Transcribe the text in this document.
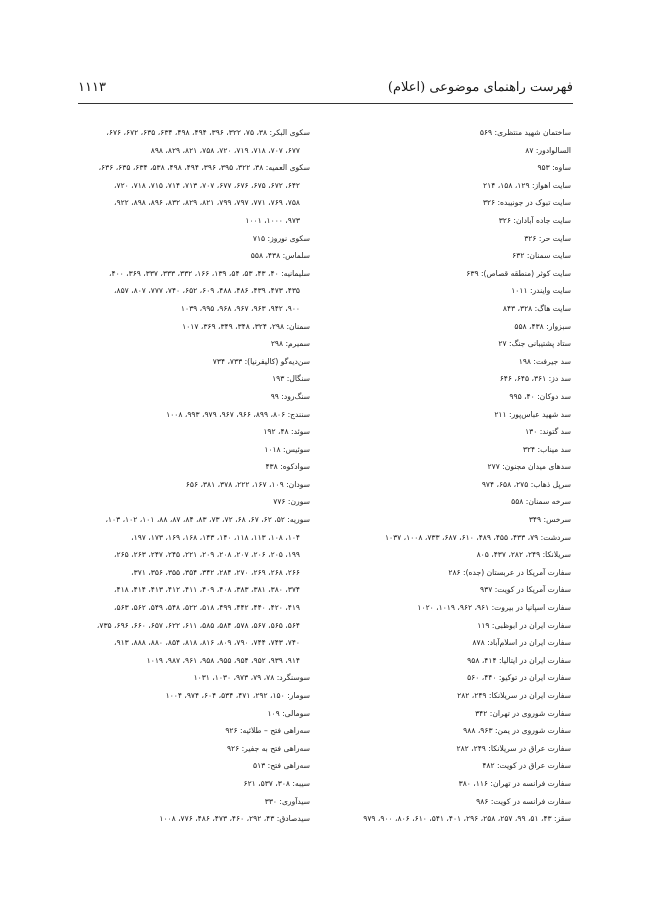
فهرست راهنمای موضوعی (اعلام)
۱۱۱۳
ساختمان شهید منتظری: ۵۶۹
السالوادور: ۸۷
ساوه: ۹۵۳
سایت اهواز: ۱۲۹، ۱۵۸، ۲۱۴
سایت تبوک در جونیبده: ۳۲۶
سایت جاده آبادان: ۳۲۶
سایت حر: ۳۲۶
سایت سمنان: ۶۳۲
سایت کوثر (منطقه قصاص): ۶۳۹
سایت وایندر: ۱۰۱۱
سایت هاگ: ۳۲۸، ۸۴۳
سبزوار: ۴۳۸، ۵۵۸
ستاد پشتیبانی جنگ: ۲۷
سد جیرفت: ۱۹۸
سد دز: ۳۶۱، ۶۴۵، ۶۴۶
سد دوکان: ۴۰، ۹۹۵
سد شهید عباس‌پور: ۲۱۱
سد گتوند: ۱۳۰
سد میناب: ۳۲۴
سدهای میدان مجنون: ۲۷۷
سرپل ذهاب: ۲۷۵، ۶۵۸، ۹۷۴
سرخه سمنان: ۵۵۸
سرخس: ۳۴۹
سردشت: ۷۹، ۴۳۳، ۴۵۵، ۴۸۹، ۶۱۰، ۶۸۷، ۷۳۳، ۱۰۰۸، ۱۰۳۷
سریلانکا: ۲۴۹، ۲۸۲، ۴۳۷، ۸۰۵
سفارت آمریکا در عربستان (جده): ۲۸۶
سفارت آمریکا در کویت: ۹۳۷
سفارت اسپانیا در بیروت: ۹۶۱، ۹۶۲، ۱۰۱۹، ۱۰۲۰
سفارت ایران در ابوظبی: ۱۱۹
سفارت ایران در اسلام‌آباد: ۸۷۸
سفارت ایران در ایتالیا: ۴۱۴، ۹۵۸
سفارت ایران در توکیو: ۴۴۰، ۵۶۰
سفارت ایران در سریلانکا: ۲۴۹، ۲۸۲
سفارت شوروی در تهران: ۳۴۲
سفارت شوروی در یمن: ۹۶۳، ۹۸۸
سفارت عراق در سریلانکا: ۲۴۹، ۲۸۲
سفارت عراق در کویت: ۴۸۲
سفارت فرانسه در تهران: ۱۱۶، ۳۸۰
سفارت فرانسه در کویت: ۹۸۶
سقز: ۴۳، ۵۱، ۹۹، ۲۵۷، ۲۵۸، ۲۹۶، ۴۰۱، ۵۴۱، ۶۱۰، ۸۰۶، ۹۰۰، ۹۷۹
سکوی البکر: ۳۸، ۷۵، ۳۲۲، ۳۹۶، ۴۹۴، ۴۹۸، ۶۳۴، ۶۳۵، ۶۷۲، ۶۷۶،
۶۷۷، ۷۰۷، ۷۱۸، ۷۱۹، ۷۲۰، ۷۵۸، ۸۲۱، ۸۲۹، ۸۹۸
سکوی العمیه: ۳۸، ۳۲۲، ۳۹۵، ۳۹۶، ۴۹۴، ۴۹۸، ۵۳۸، ۶۳۴، ۶۳۵، ۶۳۶،
۶۴۲، ۶۷۲، ۶۷۵، ۶۷۶، ۶۷۷، ۷۰۷، ۷۱۳، ۷۱۴، ۷۱۵، ۷۱۸، ۷۲۰،
۷۵۸، ۷۶۹، ۷۷۱، ۷۹۷، ۷۹۹، ۸۲۱، ۸۲۹، ۸۳۲، ۸۹۶، ۸۹۸، ۹۲۲،
۹۷۳، ۱۰۰۰، ۱۰۰۱
سکوی نوروز: ۷۱۵
سلماس: ۴۳۸، ۵۵۸
سلیمانیه: ۴۰، ۴۳، ۵۳، ۵۴، ۱۳۹، ۱۶۶، ۳۳۲، ۳۳۳، ۳۳۷، ۳۶۹، ۴۰۰،
۴۳۵، ۴۷۳، ۴۳۹، ۴۸۶، ۴۸۸، ۶۰۹، ۶۵۲، ۷۴۰، ۷۷۷، ۸۰۷، ۸۵۷،
۹۰۰، ۹۴۲، ۹۶۳، ۹۶۷، ۹۶۸، ۹۹۵، ۱۰۳۹
سمنان: ۲۹۸، ۳۲۴، ۳۴۸، ۳۴۹، ۳۶۹، ۱۰۱۷
سمیرم: ۲۹۸
سن‌دیه‌گو (کالیفرنیا): ۷۳۳، ۷۳۴
سنگال: ۱۹۳
سنگ‌رود: ۹۹
سنندج: ۸۰۶، ۸۹۹، ۹۶۶، ۹۶۷، ۹۷۹، ۹۹۳، ۱۰۰۸
سوئد: ۴۸، ۱۹۲
سوئیس: ۱۰۱۸
سوادکوه: ۴۳۸
سودان: ۱۰۹، ۱۶۷، ۲۲۲، ۳۷۸، ۳۸۱، ۶۵۶
سورن: ۷۷۶
سوریه: ۵۲، ۶۲، ۶۷، ۶۸، ۷۲، ۷۳، ۸۳، ۸۴، ۸۷، ۸۸، ۱۰۱، ۱۰۲، ۱۰۳،
۱۰۴، ۱۰۸، ۱۱۳، ۱۱۸، ۱۴۰، ۱۴۳، ۱۶۸، ۱۶۹، ۱۷۳، ۱۹۷،
۱۹۹، ۲۰۵، ۲۰۶، ۲۰۷، ۲۰۸، ۲۰۹، ۲۲۱، ۲۴۵، ۲۴۷، ۲۶۳، ۲۶۵،
۲۶۶، ۲۶۸، ۲۶۹، ۲۷۰، ۲۸۴، ۳۴۲، ۳۵۴، ۳۵۵، ۳۵۶، ۳۷۱،
۳۷۴، ۳۸۰، ۳۸۱، ۳۸۳، ۴۰۸، ۴۰۹، ۴۱۱، ۴۱۲، ۴۱۳، ۴۱۴، ۴۱۸،
۴۱۹، ۴۲۰، ۴۴۰، ۴۴۲، ۴۹۹، ۵۱۸، ۵۲۲، ۵۴۸، ۵۴۹، ۵۶۲، ۵۶۳،
۵۶۴، ۵۶۵، ۵۶۷، ۵۷۸، ۵۸۴، ۵۸۵، ۶۱۱، ۶۲۲، ۶۵۷، ۶۶۰، ۶۹۶، ۷۳۵،
۷۴۰، ۷۴۳، ۷۴۴، ۷۹۰، ۸۰۹، ۸۱۶، ۸۱۸، ۸۵۴، ۸۸۰، ۸۸۸، ۹۱۳،
۹۱۴، ۹۳۹، ۹۵۲، ۹۵۴، ۹۵۵، ۹۵۸، ۹۶۱، ۹۸۷، ۱۰۱۹
سوسنگرد: ۷۸، ۷۹، ۹۷۳، ۱۰۳۰، ۱۰۳۱
سومار: ۱۵۰، ۲۹۲، ۴۷۱، ۵۳۴، ۶۰۴، ۹۷۴، ۱۰۰۴
سومالی: ۱۰۹
سه‌راهی فتح – طلائیه: ۹۲۶
سه‌راهی فتح به جفیر: ۹۲۶
سه‌راهی فتح: ۵۱۳
سیبه: ۳۰۸، ۵۳۷، ۶۲۱
سیدآوری: ۳۳۰
سیدصادق: ۴۳، ۲۹۲، ۴۶۰، ۴۷۳، ۴۸۶، ۷۷۶، ۱۰۰۸
